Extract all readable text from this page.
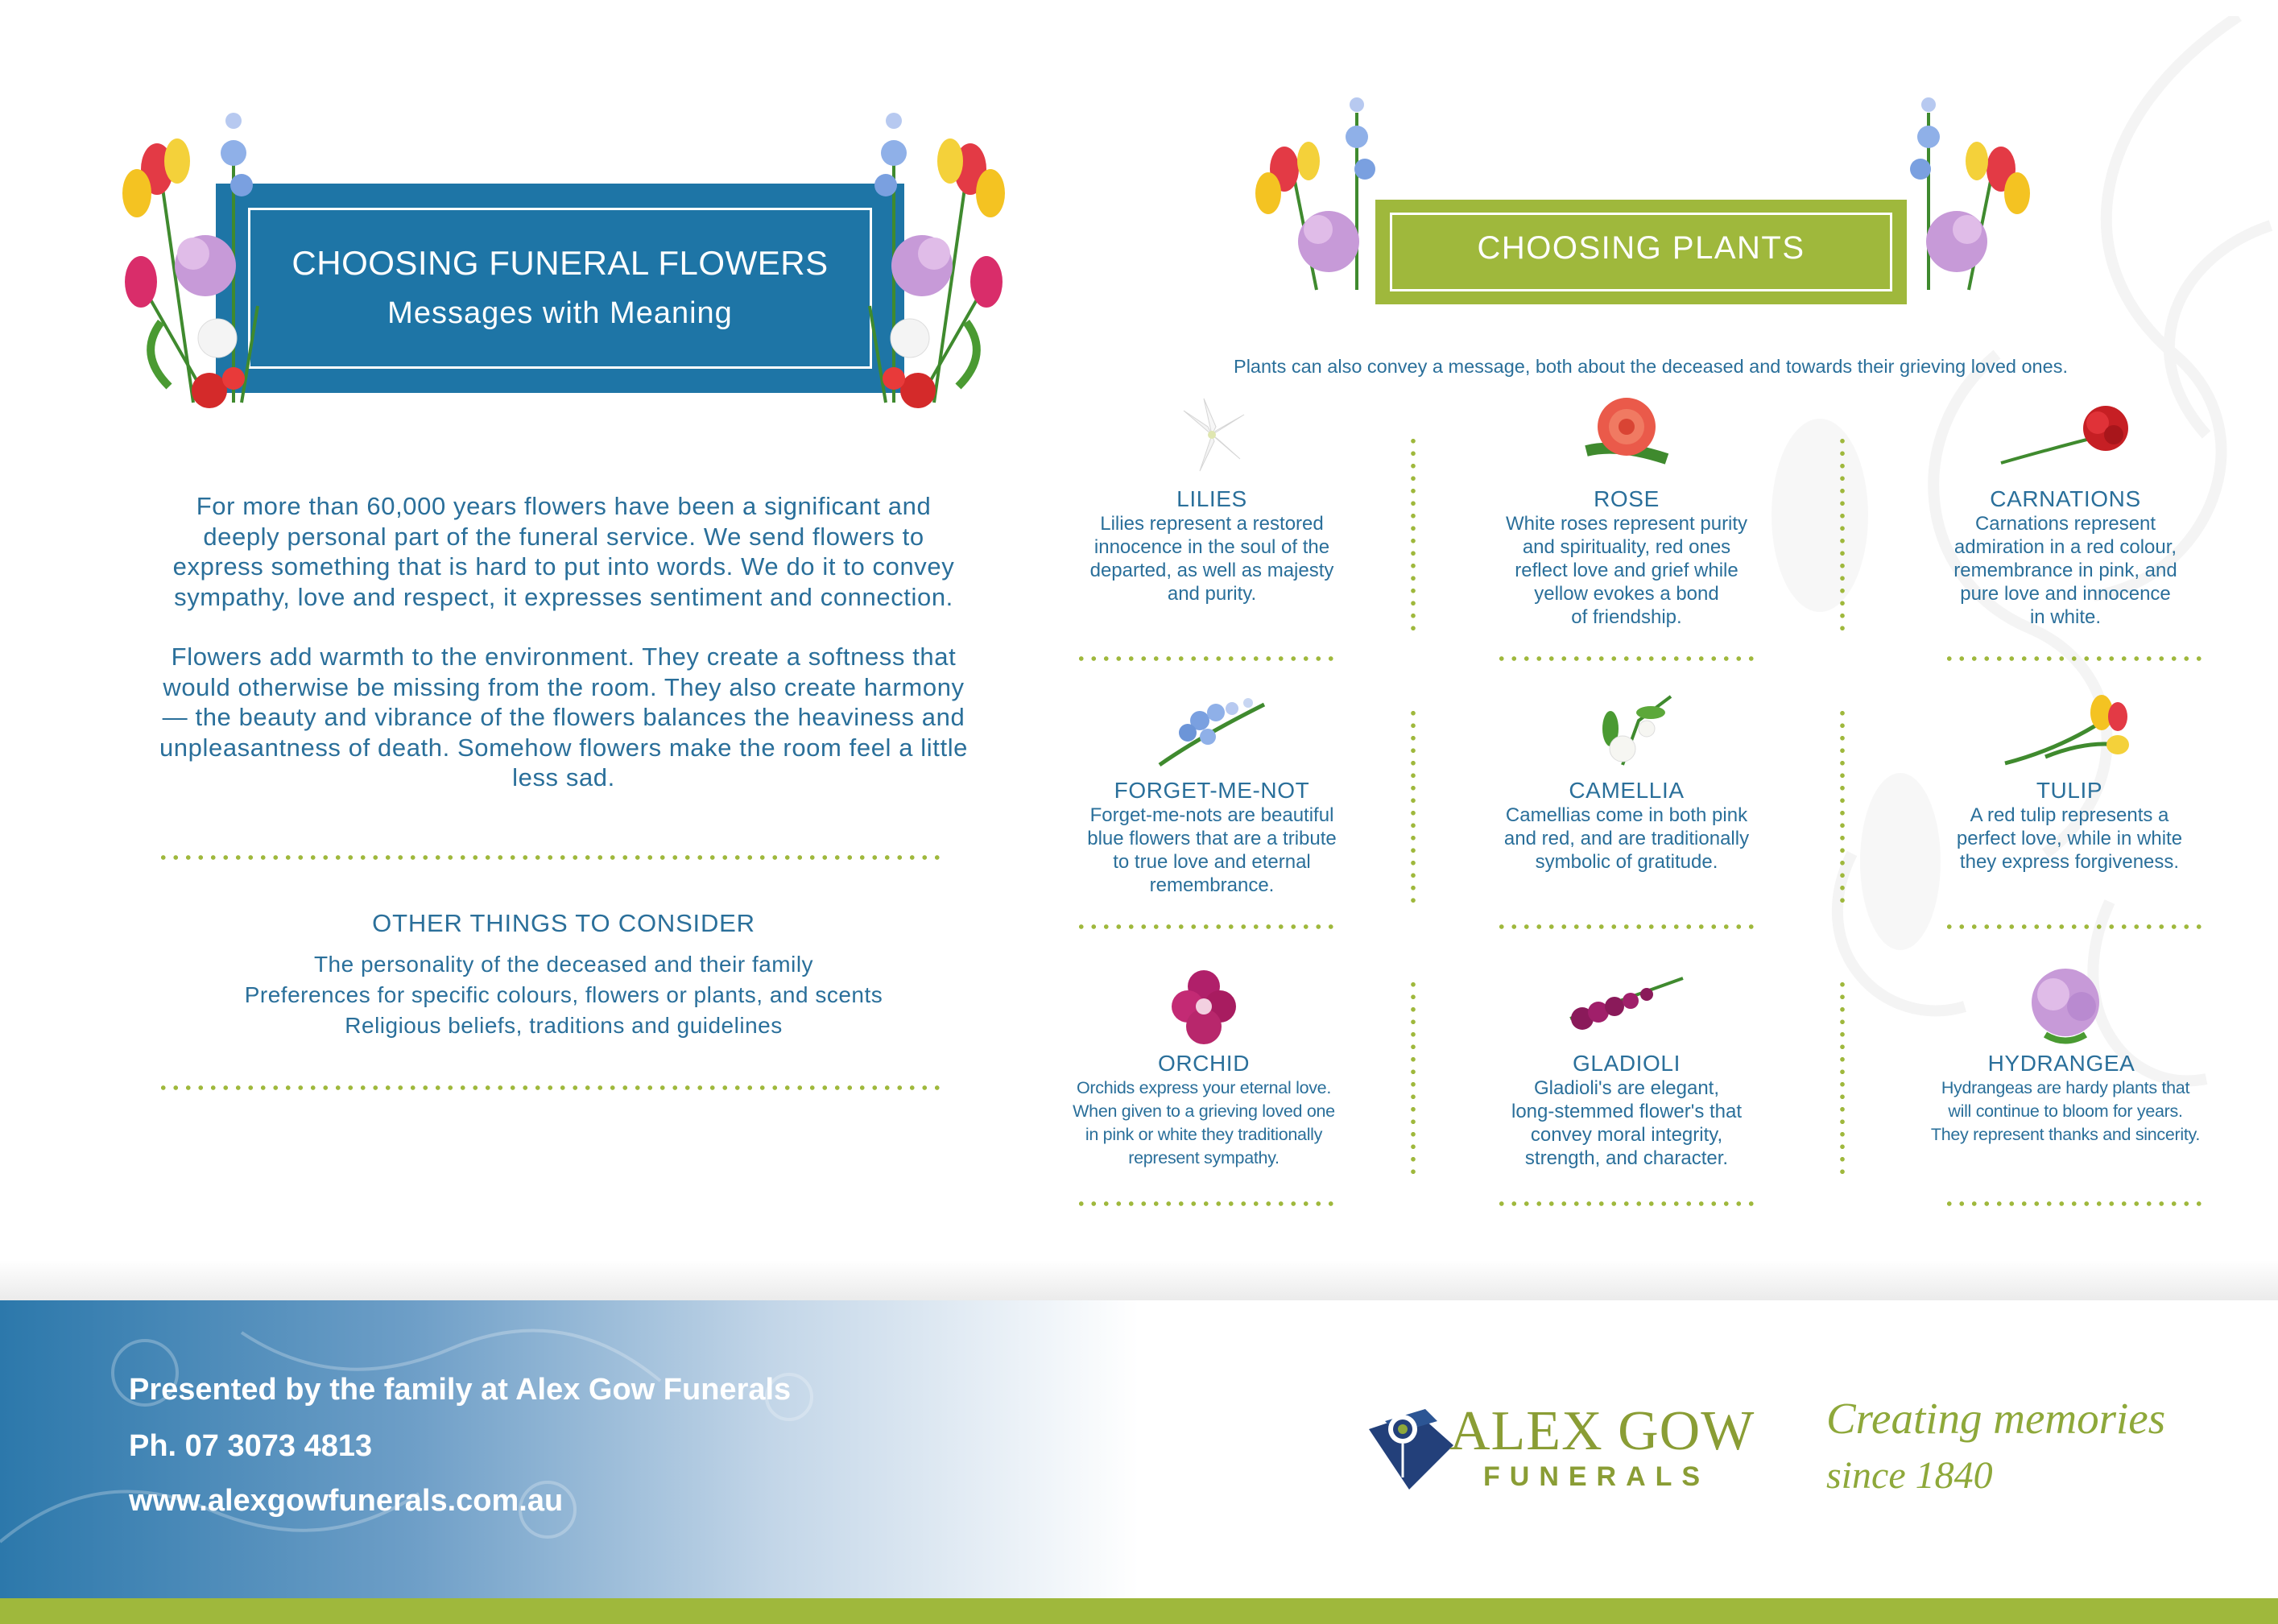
CHOOSING FUNERAL FLOWERS
Messages with Meaning
CHOOSING PLANTS
For more than 60,000 years flowers have been a significant and
deeply personal part of the funeral service. We send flowers to
express something that is hard to put into words. We do it to convey
sympathy, love and respect, it expresses sentiment and connection.
Flowers add warmth to the environment. They create a softness that
would otherwise be missing from the room. They also create harmony
— the beauty and vibrance of the flowers balances the heaviness and
unpleasantness of death. Somehow flowers make the room feel a little
less sad.
OTHER THINGS TO CONSIDER
The personality of the deceased and their family
Preferences for specific colours, flowers or plants, and scents
Religious beliefs, traditions and guidelines
Plants can also convey a message, both about the deceased and towards their grieving loved ones.
LILIES
Lilies represent a restored
innocence in the soul of the
departed, as well as majesty
and purity.
ROSE
White roses represent purity
and spirituality, red ones
reflect love and grief while
yellow evokes a bond
of friendship.
CARNATIONS
Carnations represent
admiration in a red colour,
remembrance in pink, and
pure love and innocence
in white.
FORGET-ME-NOT
Forget-me-nots are beautiful
blue flowers that are a tribute
to true love and eternal
remembrance.
CAMELLIA
Camellias come in both pink
and red, and are traditionally
symbolic of gratitude.
TULIP
A red tulip represents a
perfect love, while in white
they express forgiveness.
ORCHID
Orchids express your eternal love.
When given to a grieving loved one
in pink or white they traditionally
represent sympathy.
GLADIOLI
Gladioli's are elegant,
long-stemmed flower's that
convey moral integrity,
strength, and character.
HYDRANGEA
Hydrangeas are hardy plants that
will continue to bloom for years.
They represent thanks and sincerity.
Presented by the family at Alex Gow Funerals
Ph. 07 3073 4813
www.alexgowfunerals.com.au
ALEX GOW
FUNERALS
Creating memories
since 1840
